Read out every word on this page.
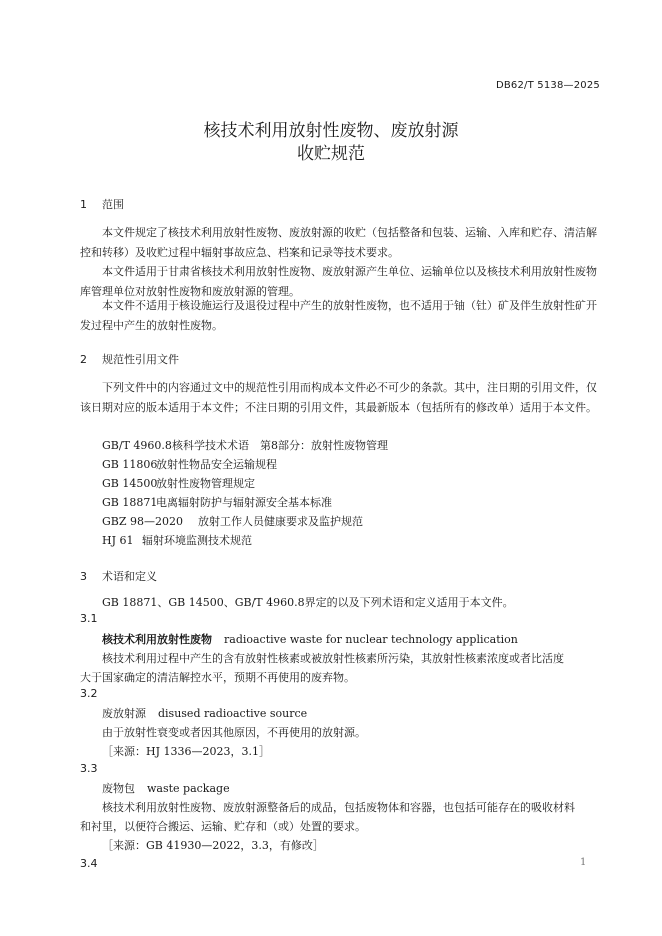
DB62/T 5138—2025
核技术利用放射性废物、废放射源
收贮规范
1 范围
本文件规定了核技术利用放射性废物、废放射源的收贮（包括整备和包装、运输、入库和贮存、清洁解控和转移）及收贮过程中辐射事故应急、档案和记录等技术要求。
本文件适用于甘肃省核技术利用放射性废物、废放射源产生单位、运输单位以及核技术利用放射性废物库管理单位对放射性废物和废放射源的管理。
本文件不适用于核设施运行及退役过程中产生的放射性废物，也不适用于铀（钍）矿及伴生放射性矿开发过程中产生的放射性废物。
2 规范性引用文件
下列文件中的内容通过文中的规范性引用而构成本文件必不可少的条款。其中，注日期的引用文件，仅该日期对应的版本适用于本文件；不注日期的引用文件，其最新版本（包括所有的修改单）适用于本文件。
GB/T 4960.8核科学技术术语　第8部分：放射性废物管理
GB 11806放射性物品安全运输规程
GB 14500放射性废物管理规定
GB 18871电离辐射防护与辐射源安全基本标准
GBZ 98—2020 放射工作人员健康要求及监护规范
HJ 61 辐射环境监测技术规范
3 术语和定义
GB 18871、GB 14500、GB/T 4960.8界定的以及下列术语和定义适用于本文件。
3.1
核技术利用放射性废物 radioactive waste for nuclear technology application
核技术利用过程中产生的含有放射性核素或被放射性核素所污染，其放射性核素浓度或者比活度
大于国家确定的清洁解控水平，预期不再使用的废弃物。
3.2
废放射源 disused radioactive source
由于放射性衰变或者因其他原因，不再使用的放射源。
［来源：HJ 1336—2023，3.1］
3.3
废物包 waste package
核技术利用放射性废物、废放射源整备后的成品，包括废物体和容器，也包括可能存在的吸收材料
和衬里，以便符合搬运、运输、贮存和（或）处置的要求。
［来源：GB 41930—2022，3.3，有修改］
3.4	1
